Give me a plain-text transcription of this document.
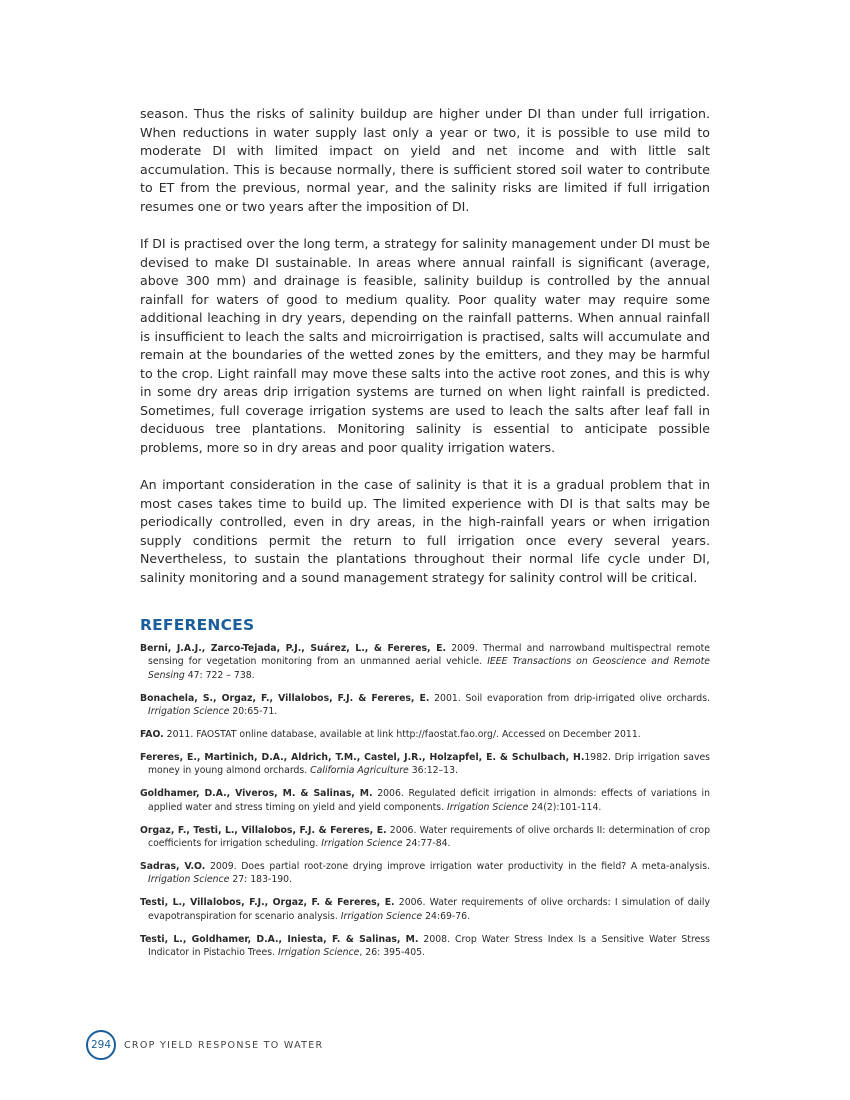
season. Thus the risks of salinity buildup are higher under DI than under full irrigation. When reductions in water supply last only a year or two, it is possible to use mild to moderate DI with limited impact on yield and net income and with little salt accumulation. This is because normally, there is sufficient stored soil water to contribute to ET from the previous, normal year, and the salinity risks are limited if full irrigation resumes one or two years after the imposition of DI.

If DI is practised over the long term, a strategy for salinity management under DI must be devised to make DI sustainable. In areas where annual rainfall is significant (average, above 300 mm) and drainage is feasible, salinity buildup is controlled by the annual rainfall for waters of good to medium quality. Poor quality water may require some additional leaching in dry years, depending on the rainfall patterns. When annual rainfall is insufficient to leach the salts and microirrigation is practised, salts will accumulate and remain at the boundaries of the wetted zones by the emitters, and they may be harmful to the crop. Light rainfall may move these salts into the active root zones, and this is why in some dry areas drip irrigation systems are turned on when light rainfall is predicted. Sometimes, full coverage irrigation systems are used to leach the salts after leaf fall in deciduous tree plantations. Monitoring salinity is essential to anticipate possible problems, more so in dry areas and poor quality irrigation waters.

An important consideration in the case of salinity is that it is a gradual problem that in most cases takes time to build up. The limited experience with DI is that salts may be periodically controlled, even in dry areas, in the high-rainfall years or when irrigation supply conditions permit the return to full irrigation once every several years. Nevertheless, to sustain the plantations throughout their normal life cycle under DI, salinity monitoring and a sound management strategy for salinity control will be critical.

REFERENCES
Berni, J.A.J., Zarco-Tejada, P.J., Suárez, L., & Fereres, E. 2009. Thermal and narrowband multispectral remote sensing for vegetation monitoring from an unmanned aerial vehicle. IEEE Transactions on Geoscience and Remote Sensing 47: 722 – 738.
Bonachela, S., Orgaz, F., Villalobos, F.J. & Fereres, E. 2001. Soil evaporation from drip-irrigated olive orchards. Irrigation Science 20:65-71.
FAO. 2011. FAOSTAT online database, available at link http://faostat.fao.org/. Accessed on December 2011.
Fereres, E., Martinich, D.A., Aldrich, T.M., Castel, J.R., Holzapfel, E. & Schulbach, H.1982. Drip irrigation saves money in young almond orchards. California Agriculture 36:12–13.
Goldhamer, D.A., Viveros, M. & Salinas, M. 2006. Regulated deficit irrigation in almonds: effects of variations in applied water and stress timing on yield and yield components. Irrigation Science 24(2):101-114.
Orgaz, F., Testi, L., Villalobos, F.J. & Fereres, E. 2006. Water requirements of olive orchards II: determination of crop coefficients for irrigation scheduling. Irrigation Science 24:77-84.
Sadras, V.O. 2009. Does partial root-zone drying improve irrigation water productivity in the field? A meta-analysis. Irrigation Science 27: 183-190.
Testi, L., Villalobos, F.J., Orgaz, F. & Fereres, E. 2006. Water requirements of olive orchards: I simulation of daily evapotranspiration for scenario analysis. Irrigation Science 24:69-76.
Testi, L., Goldhamer, D.A., Iniesta, F. & Salinas, M. 2008. Crop Water Stress Index Is a Sensitive Water Stress Indicator in Pistachio Trees. Irrigation Science, 26: 395-405.
294 CROP YIELD RESPONSE TO WATER
